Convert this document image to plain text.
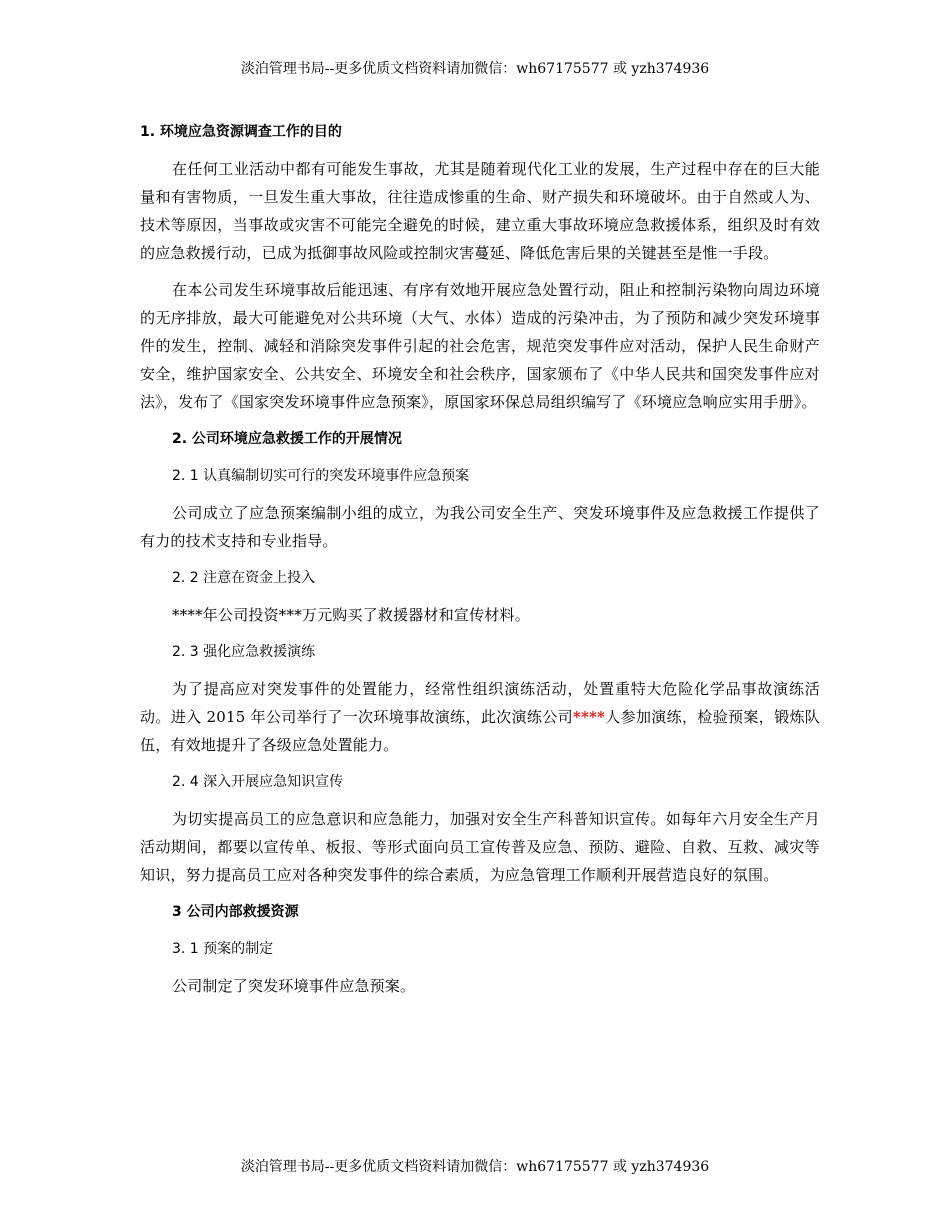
淡泊管理书局--更多优质文档资料请加微信：wh67175577 或 yzh374936
1. 环境应急资源调查工作的目的

在任何工业活动中都有可能发生事故，尤其是随着现代化工业的发展，生产过程中存在的巨大能量和有害物质，一旦发生重大事故，往往造成惨重的生命、财产损失和环境破坏。由于自然或人为、技术等原因，当事故或灾害不可能完全避免的时候，建立重大事故环境应急救援体系，组织及时有效的应急救援行动，已成为抵御事故风险或控制灾害蔓延、降低危害后果的关键甚至是惟一手段。

在本公司发生环境事故后能迅速、有序有效地开展应急处置行动，阻止和控制污染物向周边环境的无序排放，最大可能避免对公共环境（大气、水体）造成的污染冲击，为了预防和减少突发环境事件的发生，控制、减轻和消除突发事件引起的社会危害，规范突发事件应对活动，保护人民生命财产安全，维护国家安全、公共安全、环境安全和社会秩序，国家颁布了《中华人民共和国突发事件应对法》，发布了《国家突发环境事件应急预案》，原国家环保总局组织编写了《环境应急响应实用手册》。

2. 公司环境应急救援工作的开展情况
2. 1 认真编制切实可行的突发环境事件应急预案

公司成立了应急预案编制小组的成立，为我公司安全生产、突发环境事件及应急救援工作提供了有力的技术支持和专业指导。

2. 2 注意在资金上投入

****年公司投资***万元购买了救援器材和宣传材料。

2. 3 强化应急救援演练

为了提高应对突发事件的处置能力，经常性组织演练活动，处置重特大危险化学品事故演练活动。进入 2015 年公司举行了一次环境事故演练，此次演练公司****人参加演练，检验预案，锻炼队伍，有效地提升了各级应急处置能力。

2. 4 深入开展应急知识宣传

为切实提高员工的应急意识和应急能力，加强对安全生产科普知识宣传。如每年六月安全生产月活动期间，都要以宣传单、板报、等形式面向员工宣传普及应急、预防、避险、自救、互救、减灾等知识，努力提高员工应对各种突发事件的综合素质，为应急管理工作顺利开展营造良好的氛围。

3 公司内部救援资源
3. 1 预案的制定

公司制定了突发环境事件应急预案。

淡泊管理书局--更多优质文档资料请加微信：wh67175577 或 yzh374936
